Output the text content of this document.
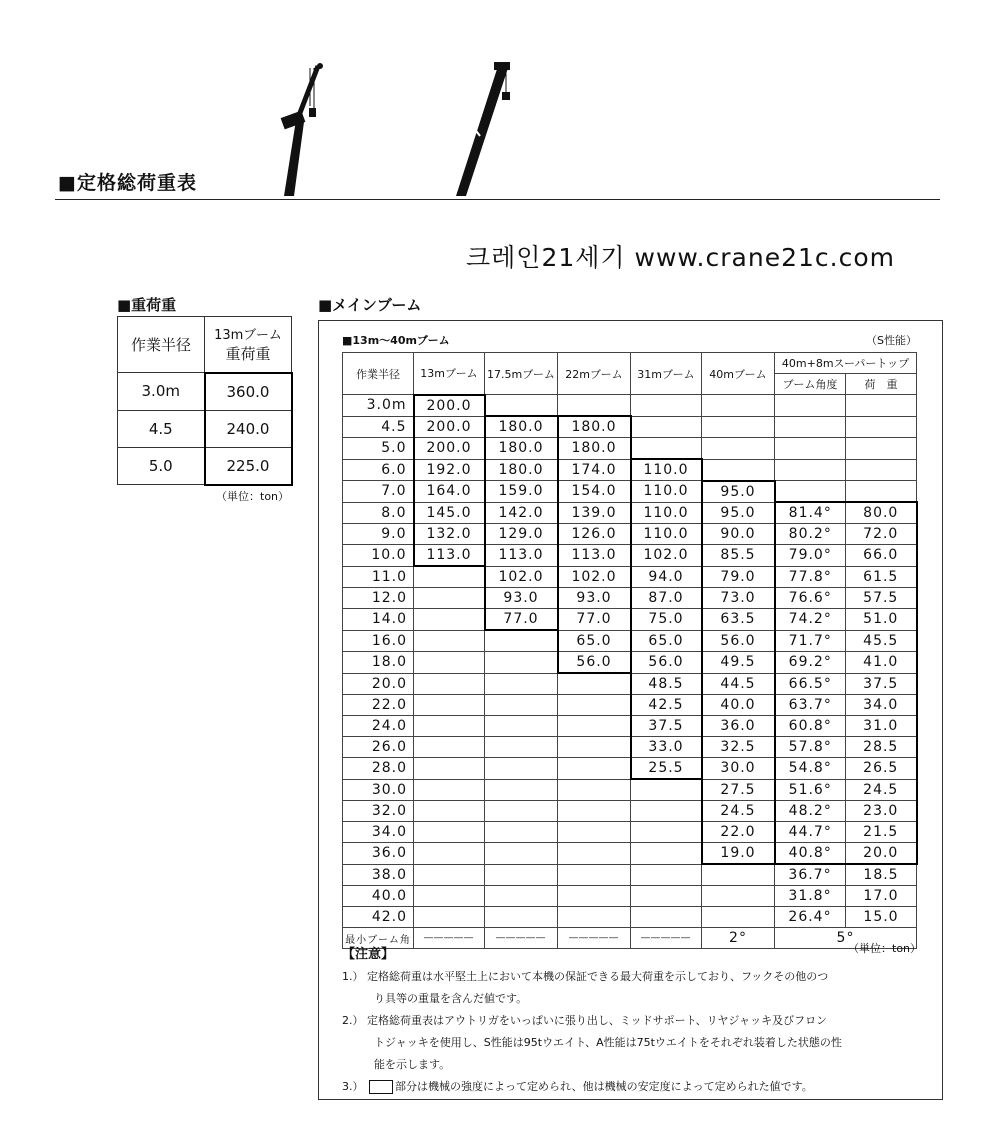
■定格総荷重表
크레인21세기 www.crane21c.com
■重荷重
作業半径	13mブーム
重荷重

3.0m	360.0
4.5	240.0
5.0	225.0
（単位：ton）
■メインブーム
■13m～40mブーム	（S性能）
作業半径	13mブーム	17.5mブーム	22mブーム	31mブーム	40mブーム	40m+8mスーパートップ	
						ブーム角度	荷　重
3.0m	200.0						
4.5	200.0	180.0	180.0				
5.0	200.0	180.0	180.0				
6.0	192.0	180.0	174.0	110.0			
7.0	164.0	159.0	154.0	110.0	95.0		
8.0	145.0	142.0	139.0	110.0	95.0	81.4°	80.0
9.0	132.0	129.0	126.0	110.0	90.0	80.2°	72.0
10.0	113.0	113.0	113.0	102.0	85.5	79.0°	66.0
11.0		102.0	102.0	94.0	79.0	77.8°	61.5
12.0		93.0	93.0	87.0	73.0	76.6°	57.5
14.0		77.0	77.0	75.0	63.5	74.2°	51.0
16.0			65.0	65.0	56.0	71.7°	45.5
18.0			56.0	56.0	49.5	69.2°	41.0
20.0				48.5	44.5	66.5°	37.5
22.0				42.5	40.0	63.7°	34.0
24.0				37.5	36.0	60.8°	31.0
26.0				33.0	32.5	57.8°	28.5
28.0				25.5	30.0	54.8°	26.5
30.0					27.5	51.6°	24.5
32.0					24.5	48.2°	23.0
34.0					22.0	44.7°	21.5
36.0					19.0	40.8°	20.0
38.0						36.7°	18.5
40.0						31.8°	17.0
42.0						26.4°	15.0
最小ブーム角	―――――	―――――	―――――	―――――	2°	5°	
（単位：ton）

【注意】

1.） 定格総荷重は水平堅土上において本機の保証できる最大荷重を示しており、フックその他のつ

り具等の重量を含んだ値です。

2.） 定格総荷重表はアウトリガをいっぱいに張り出し、ミッドサポート、リヤジャッキ及びフロン

トジャッキを使用し、S性能は95tウエイト、A性能は75tウエイトをそれぞれ装着した状態の性

能を示します。

3.）	部分は機械の強度によって定められ、他は機械の安定度によって定められた値です。
